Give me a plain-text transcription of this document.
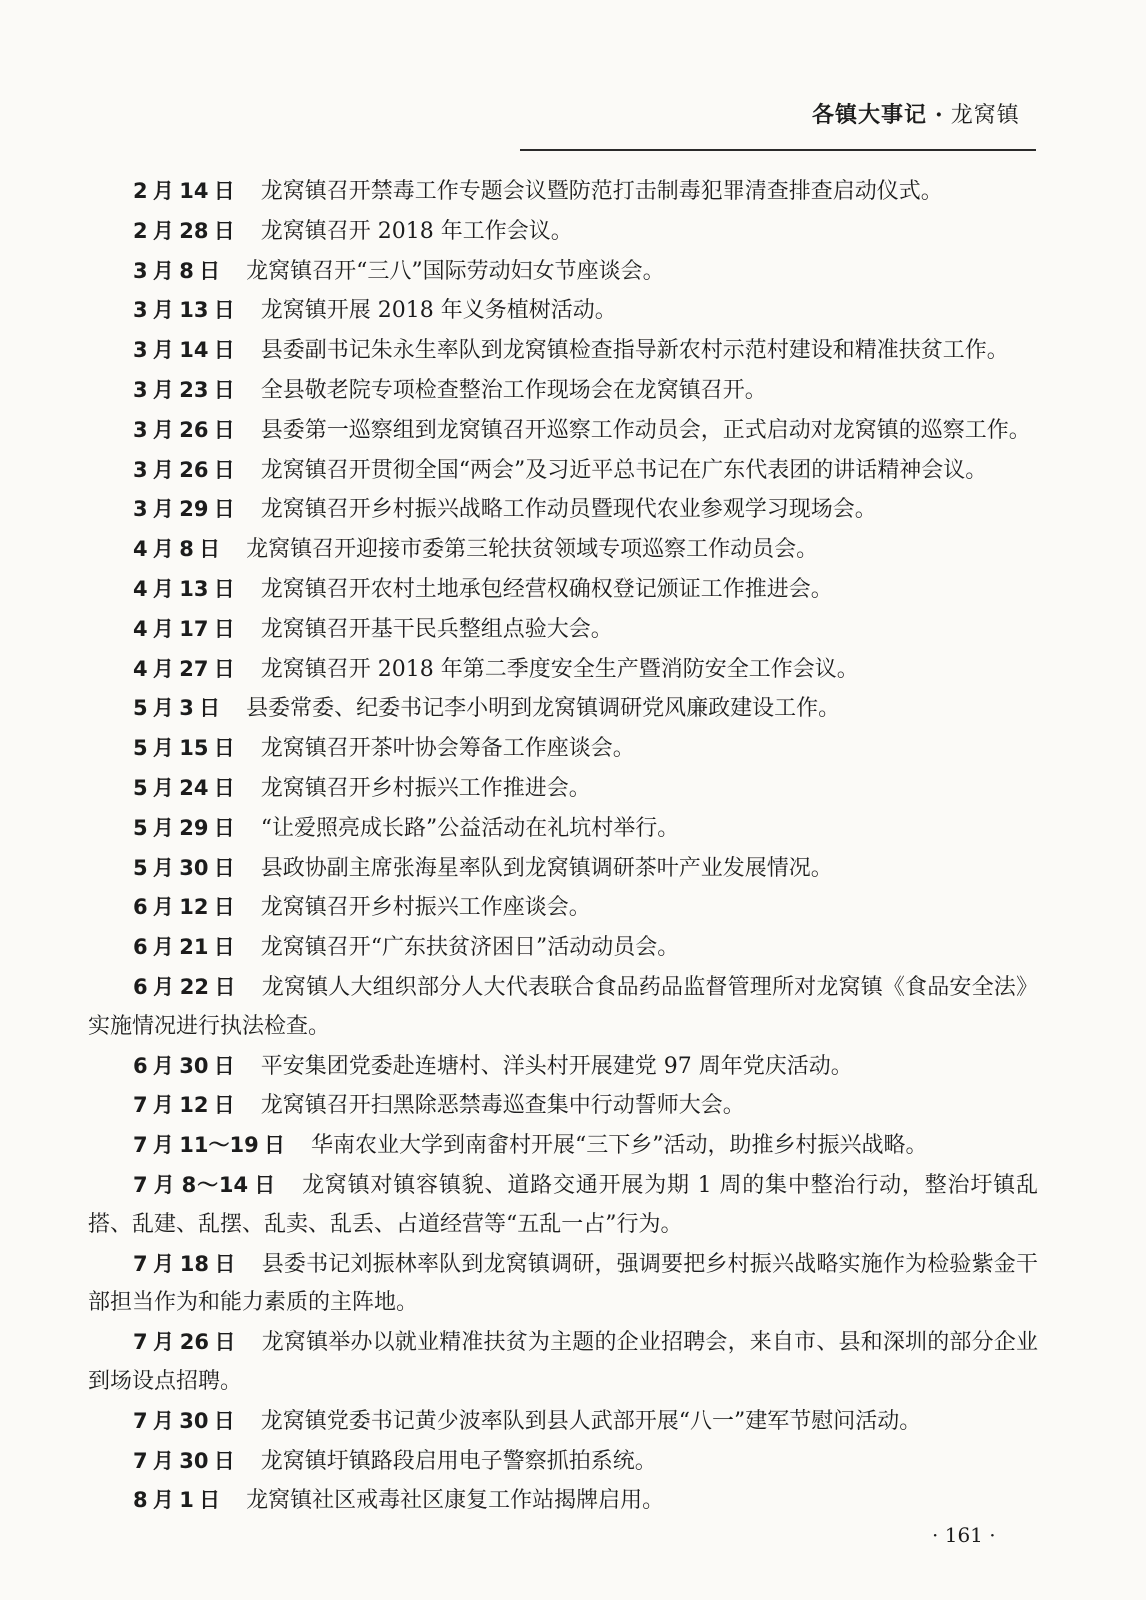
各镇大事记 · 龙窝镇

2 月 14 日 龙窝镇召开禁毒工作专题会议暨防范打击制毒犯罪清查排查启动仪式。

2 月 28 日 龙窝镇召开 2018 年工作会议。

3 月 8 日 龙窝镇召开“三八”国际劳动妇女节座谈会。

3 月 13 日 龙窝镇开展 2018 年义务植树活动。

3 月 14 日 县委副书记朱永生率队到龙窝镇检查指导新农村示范村建设和精准扶贫工作。

3 月 23 日 全县敬老院专项检查整治工作现场会在龙窝镇召开。

3 月 26 日 县委第一巡察组到龙窝镇召开巡察工作动员会，正式启动对龙窝镇的巡察工作。

3 月 26 日 龙窝镇召开贯彻全国“两会”及习近平总书记在广东代表团的讲话精神会议。

3 月 29 日 龙窝镇召开乡村振兴战略工作动员暨现代农业参观学习现场会。

4 月 8 日 龙窝镇召开迎接市委第三轮扶贫领域专项巡察工作动员会。

4 月 13 日 龙窝镇召开农村土地承包经营权确权登记颁证工作推进会。

4 月 17 日 龙窝镇召开基干民兵整组点验大会。

4 月 27 日 龙窝镇召开 2018 年第二季度安全生产暨消防安全工作会议。

5 月 3 日 县委常委、纪委书记李小明到龙窝镇调研党风廉政建设工作。

5 月 15 日 龙窝镇召开茶叶协会筹备工作座谈会。

5 月 24 日 龙窝镇召开乡村振兴工作推进会。

5 月 29 日 “让爱照亮成长路”公益活动在礼坑村举行。

5 月 30 日 县政协副主席张海星率队到龙窝镇调研茶叶产业发展情况。

6 月 12 日 龙窝镇召开乡村振兴工作座谈会。

6 月 21 日 龙窝镇召开“广东扶贫济困日”活动动员会。

6 月 22 日 龙窝镇人大组织部分人大代表联合食品药品监督管理所对龙窝镇《食品安全法》实施情况进行执法检查。

6 月 30 日 平安集团党委赴连塘村、洋头村开展建党 97 周年党庆活动。

7 月 12 日 龙窝镇召开扫黑除恶禁毒巡查集中行动誓师大会。

7 月 11～19 日 华南农业大学到南畲村开展“三下乡”活动，助推乡村振兴战略。

7 月 8～14 日 龙窝镇对镇容镇貌、道路交通开展为期 1 周的集中整治行动，整治圩镇乱搭、乱建、乱摆、乱卖、乱丢、占道经营等“五乱一占”行为。

7 月 18 日 县委书记刘振林率队到龙窝镇调研，强调要把乡村振兴战略实施作为检验紫金干部担当作为和能力素质的主阵地。

7 月 26 日 龙窝镇举办以就业精准扶贫为主题的企业招聘会，来自市、县和深圳的部分企业到场设点招聘。

7 月 30 日 龙窝镇党委书记黄少波率队到县人武部开展“八一”建军节慰问活动。

7 月 30 日 龙窝镇圩镇路段启用电子警察抓拍系统。

8 月 1 日 龙窝镇社区戒毒社区康复工作站揭牌启用。

· 161 ·
